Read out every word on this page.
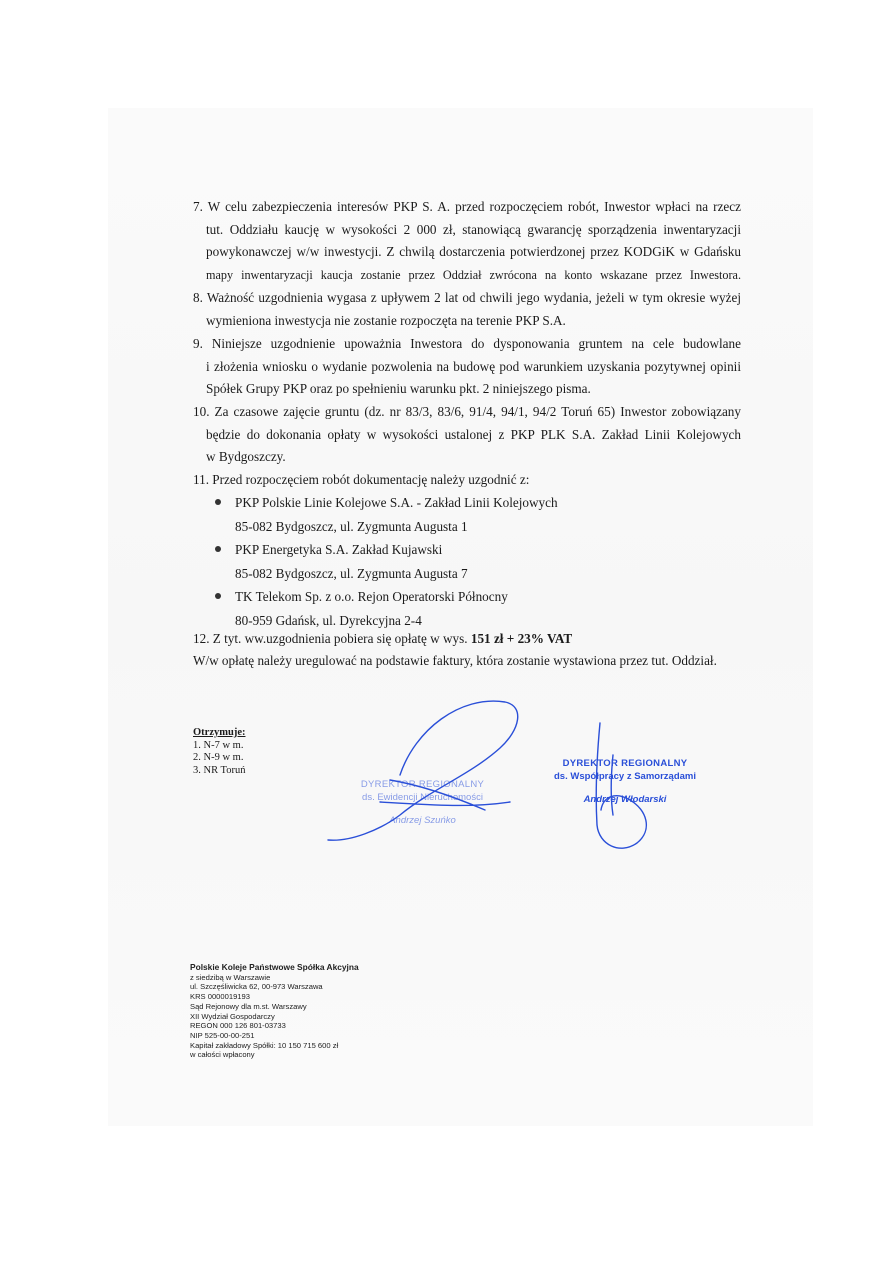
7. W celu zabezpieczenia interesów PKP S. A. przed rozpoczęciem robót, Inwestor wpłaci na rzecz
tut. Oddziału kaucję w wysokości 2 000 zł, stanowiącą gwarancję sporządzenia inwentaryzacji
powykonawczej w/w inwestycji. Z chwilą dostarczenia potwierdzonej przez KODGiK w Gdańsku
mapy inwentaryzacji kaucja zostanie przez Oddział zwrócona na konto wskazane przez Inwestora.
8. Ważność uzgodnienia wygasa z upływem 2 lat od chwili jego wydania, jeżeli w tym okresie wyżej
wymieniona inwestycja nie zostanie rozpoczęta na terenie PKP S.A.
9. Niniejsze uzgodnienie upoważnia Inwestora do dysponowania gruntem na cele budowlane
i złożenia wniosku o wydanie pozwolenia na budowę pod warunkiem uzyskania pozytywnej opinii
Spółek Grupy PKP oraz po spełnieniu warunku pkt. 2 niniejszego pisma.
10. Za czasowe zajęcie gruntu (dz. nr 83/3, 83/6, 91/4, 94/1, 94/2 Toruń 65) Inwestor zobowiązany
będzie do dokonania opłaty w wysokości ustalonej z PKP PLK S.A. Zakład Linii Kolejowych
w Bydgoszczy.
11. Przed rozpoczęciem robót dokumentację należy uzgodnić z:
PKP Polskie Linie Kolejowe S.A. - Zakład Linii Kolejowych
85-082 Bydgoszcz, ul. Zygmunta Augusta 1
PKP Energetyka S.A. Zakład Kujawski
85-082 Bydgoszcz, ul. Zygmunta Augusta 7
TK Telekom Sp. z o.o. Rejon Operatorski Północny
80-959 Gdańsk, ul. Dyrekcyjna 2-4
12. Z tyt. ww.uzgodnienia pobiera się opłatę w wys. 151 zł + 23% VAT
W/w opłatę należy uregulować na podstawie faktury, która zostanie wystawiona przez tut. Oddział.
Otrzymuje:
1. N-7 w m.
2. N-9 w m.
3. NR Toruń
DYREKTOR REGIONALNY
ds. Ewidencji Nieruchomości
Andrzej Szuńko
DYREKTOR REGIONALNY
ds. Współpracy z Samorządami
Andrzej Włodarski
Polskie Koleje Państwowe Spółka Akcyjna
z siedzibą w Warszawie
ul. Szczęśliwicka 62, 00-973 Warszawa
KRS 0000019193
Sąd Rejonowy dla m.st. Warszawy
XII Wydział Gospodarczy
REGON 000 126 801-03733
NIP 525-00-00-251
Kapitał zakładowy Spółki: 10 150 715 600 zł
w całości wpłacony
